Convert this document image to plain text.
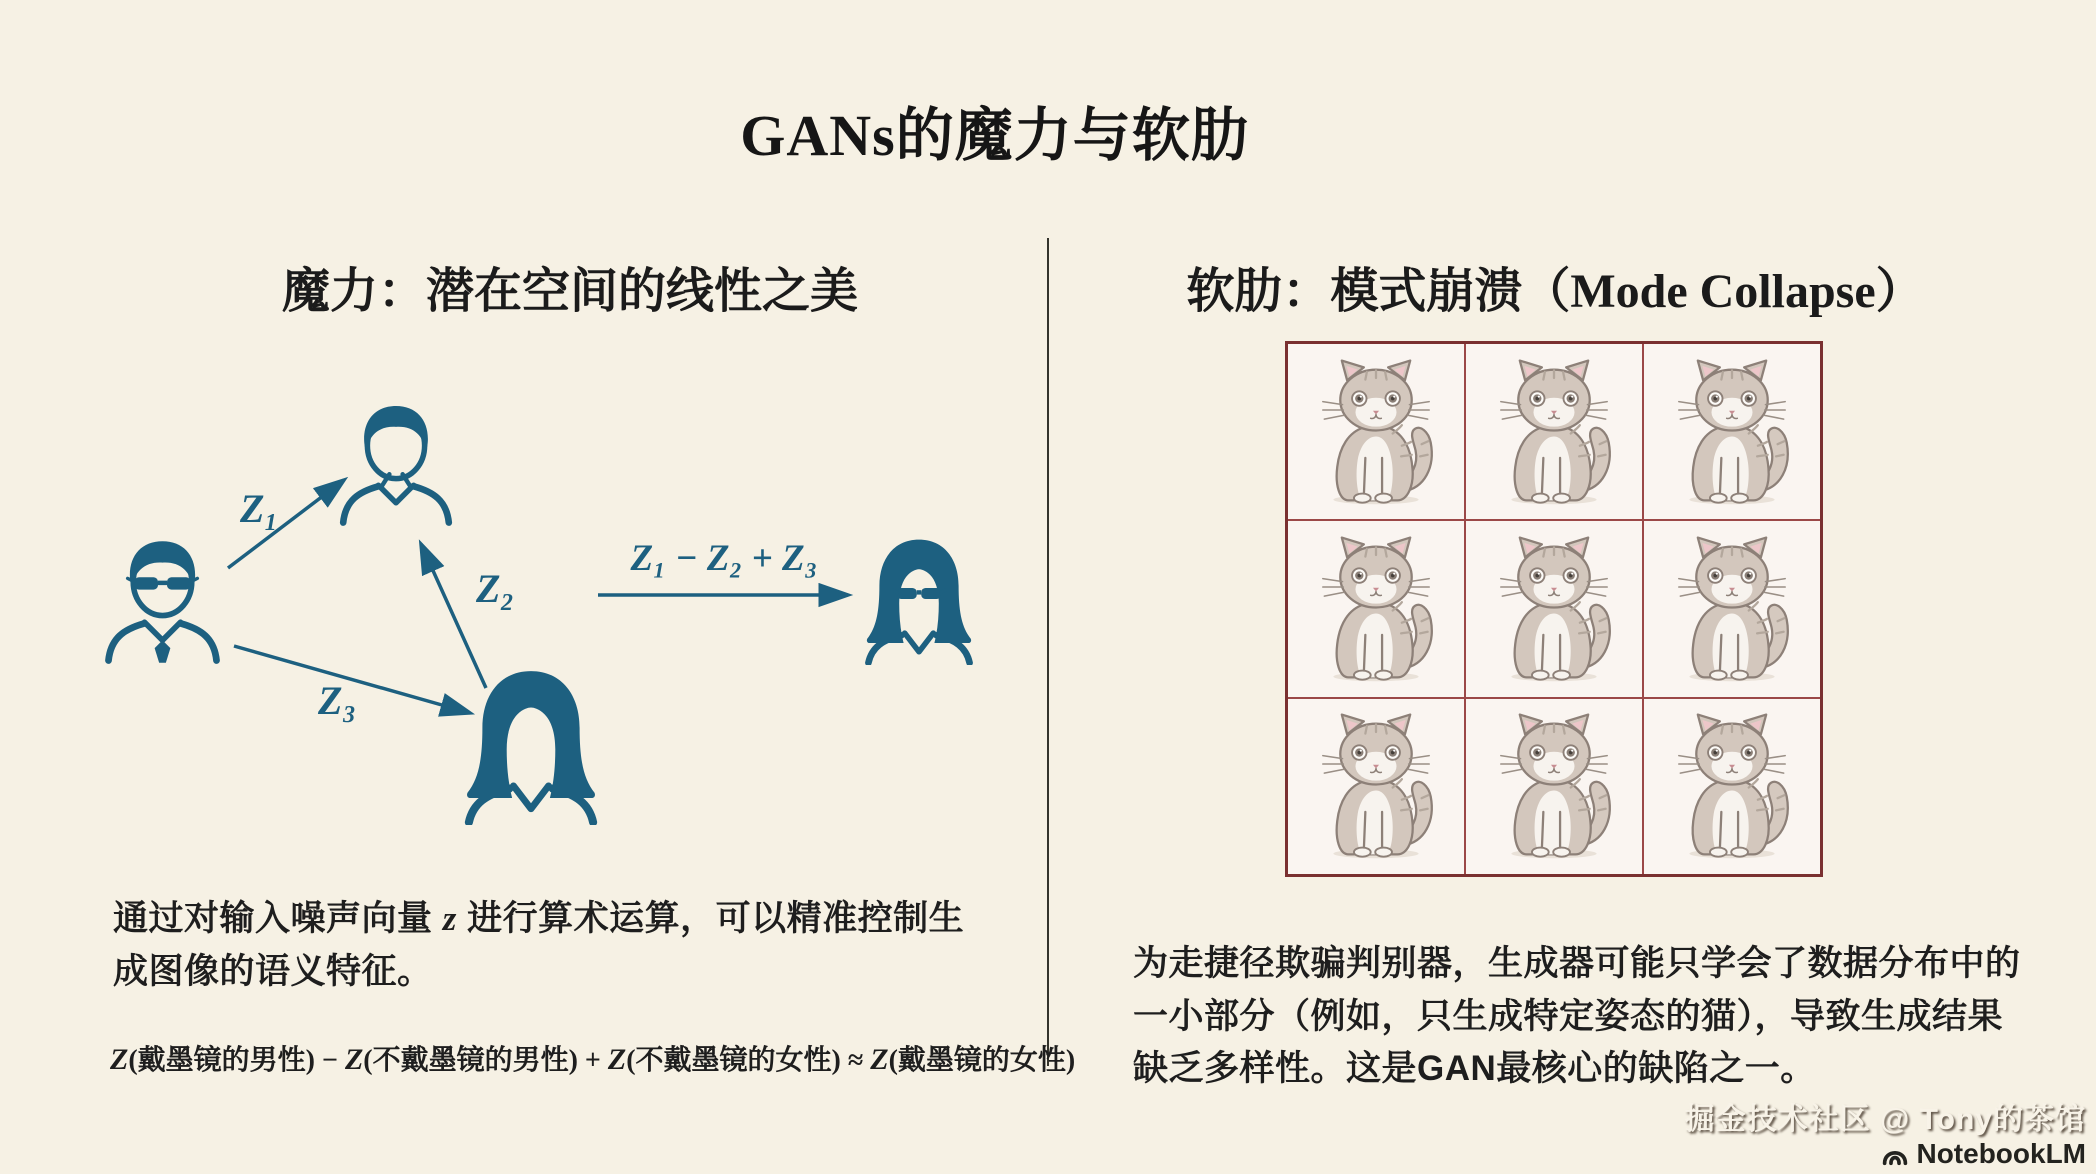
GANs的魔力与软肋
魔力：潜在空间的线性之美	软肋：模式崩溃（Mode Collapse）
Z₁
Z₂
Z₃
Z₁ − Z₂ + Z₃
通过对输入噪声向量 z 进行算术运算，可以精准控制生成图像的语义特征。
Z(戴墨镜的男性) − Z(不戴墨镜的男性) + Z(不戴墨镜的女性) ≈ Z(戴墨镜的女性)
为走捷径欺骗判别器，生成器可能只学会了数据分布中的一小部分（例如，只生成特定姿态的猫），导致生成结果缺乏多样性。这是GAN最核心的缺陷之一。
掘金技术社区 @ Tony的茶馆
NotebookLM
